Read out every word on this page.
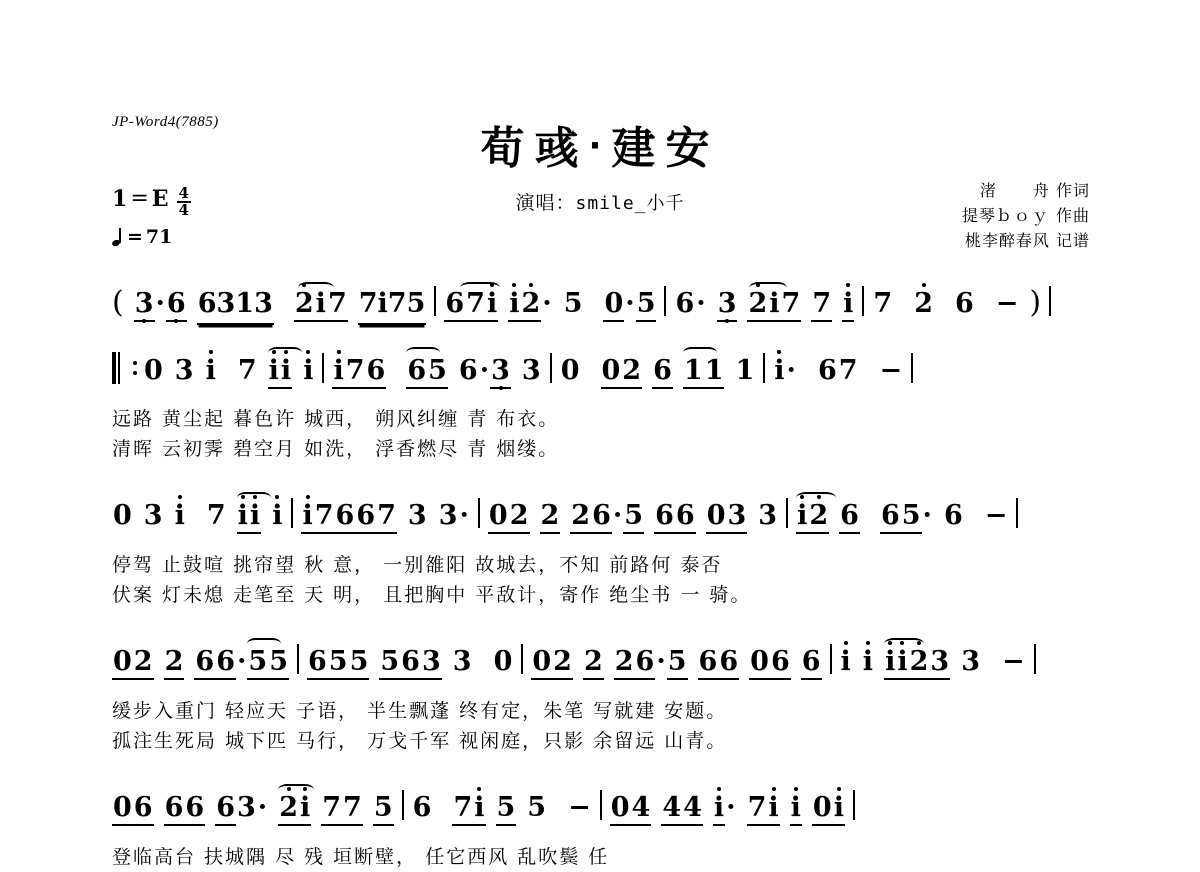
JP-Word4(7885)
荀彧·建安
演唱：smile_小千
1 = E $\frac{4}{4}$
= 71
渚 舟 作词
提琴ｂｏｙ 作曲
桃李醉春风 记谱
( 3·6 6313 2i7 7i75 67i i2· 5 0·5 6· 3 2i7 7 i 7 2 6 − )
0 3 i 7 ii i i76 65 6·3 3 0 02 6 11 1 i· 67 −
远路 黄尘起 暮色许 城西， 朔风纠缠 青 布衣。
清晖 云初霁 碧空月 如洗， 浮香燃尽 青 烟缕。
0 3 i 7 ii i i7667 3 3· 02 2 26·5 66 03 3 i2 6 65· 6 −
停驾 止鼓喧 挑帘望 秋 意， 一别雒阳 故城去，不知 前路何 泰否
伏案 灯未熄 走笔至 天 明， 且把胸中 平敌计，寄作 绝尘书 一 骑。
02 2 66·
55 655 563 3 0 02 2 26·5 66 06 6 i i ii23 3 −
缓步入重门 轻应天 子语， 半生飘蓬 终有定，朱笔 写就建 安题。
孤注生死局 城下匹 马行， 万戈千军 视闲庭，只影 余留远 山青。
06 66 63· 2i 77 5 6 7i 5 5 − 04 44 i· 7i i 0i
登临高台 扶城隅 尽 残 垣断壁， 任它西风 乱吹鬓 任
